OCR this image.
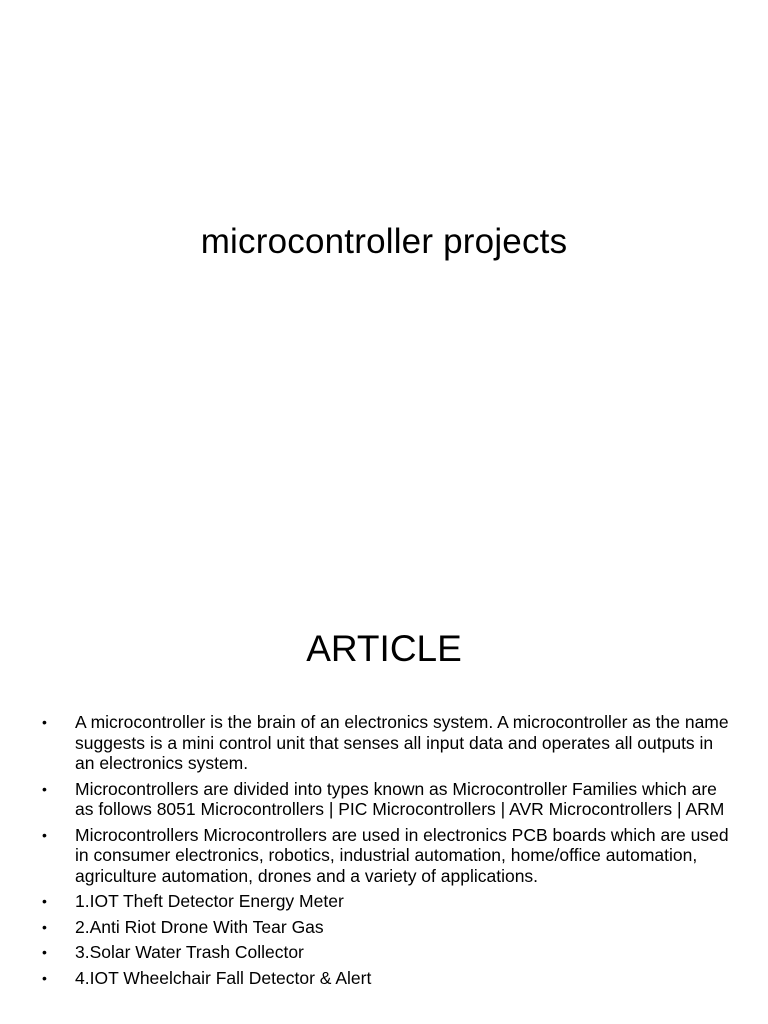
microcontroller projects
ARTICLE
• A microcontroller is the brain of an electronics system. A microcontroller as the name suggests is a mini control unit that senses all input data and operates all outputs in an electronics system.
• Microcontrollers are divided into types known as Microcontroller Families which are as follows 8051 Microcontrollers | PIC Microcontrollers | AVR Microcontrollers | ARM
• Microcontrollers Microcontrollers are used in electronics PCB boards which are used in consumer electronics, robotics, industrial automation, home/office automation, agriculture automation, drones and a variety of applications.
• 1.IOT Theft Detector Energy Meter
• 2.Anti Riot Drone With Tear Gas
• 3.Solar Water Trash Collector
• 4.IOT Wheelchair Fall Detector & Alert
